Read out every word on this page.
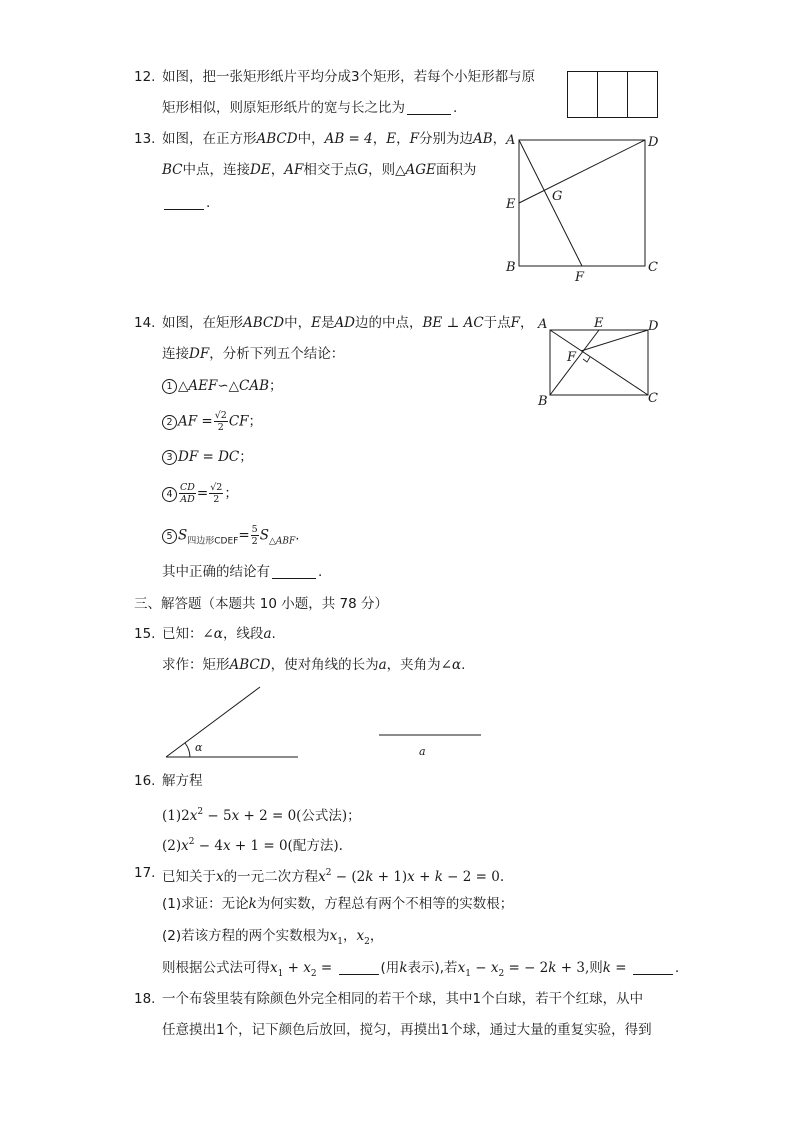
12. 如图，把一张矩形纸片平均分成3个矩形，若每个小矩形都与原
矩形相似，则原矩形纸片的宽与长之比为	.
13. 如图，在正方形ABCD中，AB = 4，E，F分别为边AB，
BC中点，连接DE，AF相交于点G，则△AGE面积为
.
A	D
E
G
B
F
C
14. 如图，在矩形ABCD中，E是AD边的中点，BE ⊥ AC于点F，
连接DF，分析下列五个结论：
1 △AEF∽△CAB；
2 AF = $\frac{√2}{2}$ CF；
3 DF = DC；
$4 \frac{CD}{AD} = \frac{√2}{2}$ ；
5 $S_{四边形CDEF}= \frac{5}{2} S_{\triangle ABF}$.
其中正确的结论有	.
A	E	D
F
B	C
三、解答题（本题共 10 小题，共 78 分）
15. 已知：∠α，线段a.
求作：矩形ABCD，使对角线的长为a，夹角为∠α.
α	a
16. 解方程
$(1)2x^2 - 5x + 2 = 0$(公式法)；
$(2)x^2 - 4x + 1 = 0$(配方法).
17. 已知关于x的一元二次方程$x^2 - (2k + 1)x + k - 2 = 0$.
(1)求证：无论k为何实数，方程总有两个不相等的实数根；
(2)若该方程的两个实数根为$x_1$，$x_2$，
则根据公式法可得$x_1 + x_2$ =	(用k表示),若$x_1 - x_2$ = − 2k + 3,则k =	.
18. 一个布袋里装有除颜色外完全相同的若干个球，其中1个白球，若干个红球，从中
任意摸出1个，记下颜色后放回，搅匀，再摸出1个球，通过大量的重复实验，得到
